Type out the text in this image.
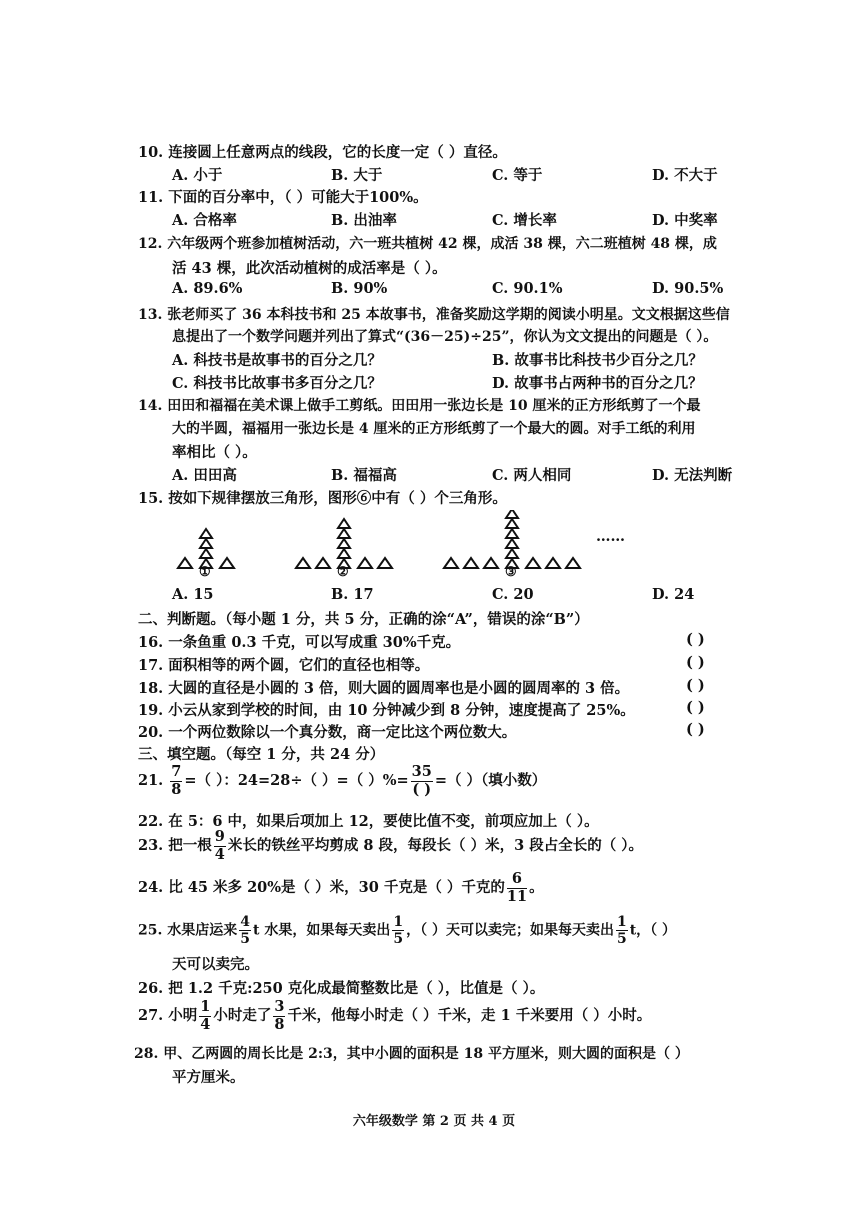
10. 连接圆上任意两点的线段，它的长度一定（ ）直径。
A. 小于	B. 大于	C. 等于	D. 不大于
11. 下面的百分率中，（ ）可能大于100%。
A. 合格率	B. 出油率	C. 增长率	D. 中奖率
12. 六年级两个班参加植树活动，六一班共植树 42 棵，成活 38 棵，六二班植树 48 棵，成
活 43 棵，此次活动植树的成活率是（ ）。
A. 89.6%	B. 90%	C. 90.1%	D. 90.5%
13. 张老师买了 36 本科技书和 25 本故事书，准备奖励这学期的阅读小明星。文文根据这些信
息提出了一个数学问题并列出了算式“(36－25)÷25”，你认为文文提出的问题是（ ）。
A. 科技书是故事书的百分之几？	B. 故事书比科技书少百分之几？
C. 科技书比故事书多百分之几？	D. 故事书占两种书的百分之几？
14. 田田和福福在美术课上做手工剪纸。田田用一张边长是 10 厘米的正方形纸剪了一个最
大的半圆，福福用一张边长是 4 厘米的正方形纸剪了一个最大的圆。对手工纸的利用
率相比（ ）。
A. 田田高	B. 福福高	C. 两人相同	D. 无法判断
15. 按如下规律摆放三角形，图形⑥中有（ ）个三角形。
①	②	③
……
A. 15	B. 17	C. 20	D. 24
二、判断题。（每小题 1 分，共 5 分，正确的涂“A”，错误的涂“B”）
16. 一条鱼重 0.3 千克，可以写成重 30%千克。	( )
17. 面积相等的两个圆，它们的直径也相等。	( )
18. 大圆的直径是小圆的 3 倍，则大圆的圆周率也是小圆的圆周率的 3 倍。	( )
19. 小云从家到学校的时间，由 10 分钟减少到 8 分钟，速度提高了 25%。	( )
20. 一个两位数除以一个真分数，商一定比这个两位数大。	( )
三、填空题。（每空 1 分，共 24 分）
21. $\frac{7}{8}$ =（ ）：24=28÷（ ）=（ ）%= $\frac{35}{( )}$ =（ ）（填小数）
22. 在 5：6 中，如果后项加上 12，要使比值不变，前项应加上（ ）。
23. 把一根 $\frac{9}{4}$ 米长的铁丝平均剪成 8 段，每段长（ ）米，3 段占全长的（ ）。
24. 比 45 米多 20%是（ ）米，30 千克是（ ）千克的 $\frac{6}{11}$ 。
25. 水果店运来 $\frac{4}{5}$ t 水果，如果每天卖出 $\frac{1}{5}$ ，（ ）天可以卖完；如果每天卖出 $\frac{1}{5}$ t，（ ）
天可以卖完。
26. 把 1.2 千克:250 克化成最简整数比是（ ），比值是（ ）。
27. 小明 $\frac{1}{4}$ 小时走了 $\frac{3}{8}$ 千米，他每小时走（ ）千米，走 1 千米要用（ ）小时。
28. 甲、乙两圆的周长比是 2:3，其中小圆的面积是 18 平方厘米，则大圆的面积是（ ）
平方厘米。
六年级数学 第 2 页 共 4 页
